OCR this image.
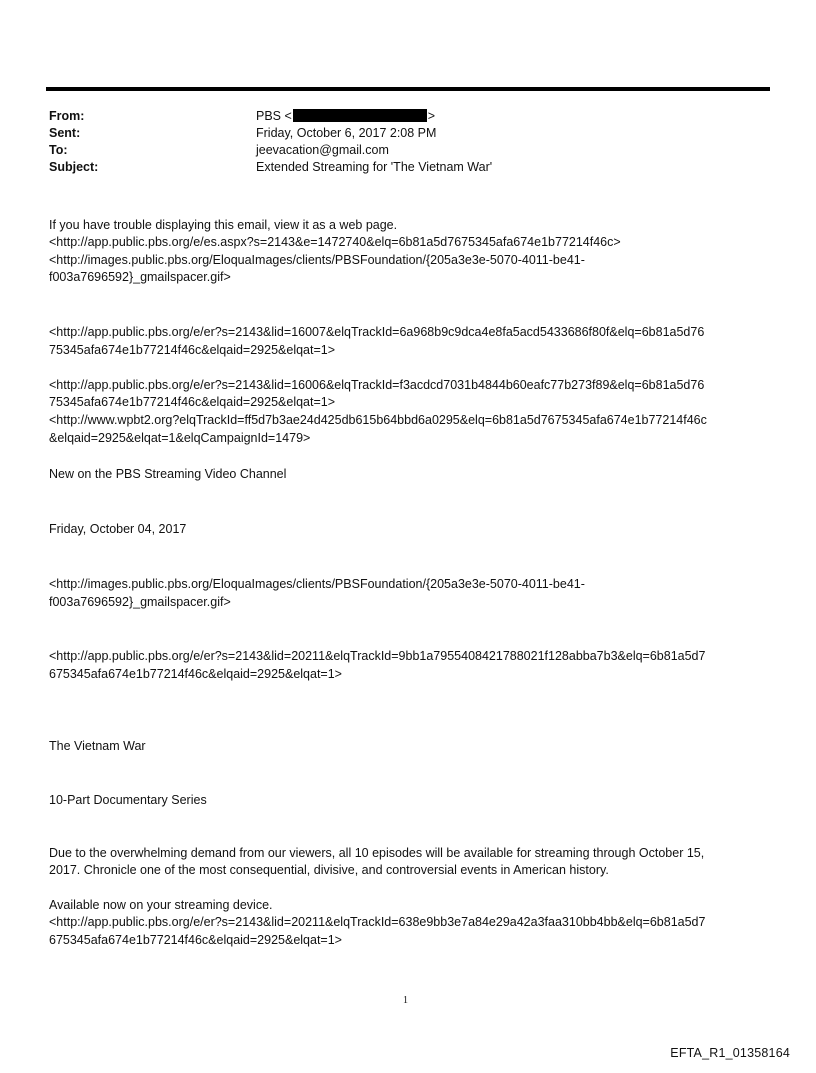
From:	PBS <	>
Sent:	Friday, October 6, 2017 2:08 PM
To:	jeevacation@gmail.com
Subject:	Extended Streaming for 'The Vietnam War'
If you have trouble displaying this email, view it as a web page.
<http://app.public.pbs.org/e/es.aspx?s=2143&e=1472740&elq=6b81a5d7675345afa674e1b77214f46c>
<http://images.public.pbs.org/EloquaImages/clients/PBSFoundation/{205a3e3e-5070-4011-be41-
f003a7696592}_gmailspacer.gif>
<http://app.public.pbs.org/e/er?s=2143&lid=16007&elqTrackId=6a968b9c9dca4e8fa5acd5433686f80f&elq=6b81a5d76
75345afa674e1b77214f46c&elqaid=2925&elqat=1>
<http://app.public.pbs.org/e/er?s=2143&lid=16006&elqTrackId=f3acdcd7031b4844b60eafc77b273f89&elq=6b81a5d76
75345afa674e1b77214f46c&elqaid=2925&elqat=1>
<http://www.wpbt2.org?elqTrackId=ff5d7b3ae24d425db615b64bbd6a0295&elq=6b81a5d7675345afa674e1b77214f46c
&elqaid=2925&elqat=1&elqCampaignId=1479>
New on the PBS Streaming Video Channel
Friday, October 04, 2017
<http://images.public.pbs.org/EloquaImages/clients/PBSFoundation/{205a3e3e-5070-4011-be41-
f003a7696592}_gmailspacer.gif>
<http://app.public.pbs.org/e/er?s=2143&lid=20211&elqTrackId=9bb1a7955408421788021f128abba7b3&elq=6b81a5d7
675345afa674e1b77214f46c&elqaid=2925&elqat=1>
The Vietnam War
10-Part Documentary Series
Due to the overwhelming demand from our viewers, all 10 episodes will be available for streaming through October 15,
2017. Chronicle one of the most consequential, divisive, and controversial events in American history.
Available now on your streaming device.
<http://app.public.pbs.org/e/er?s=2143&lid=20211&elqTrackId=638e9bb3e7a84e29a42a3faa310bb4bb&elq=6b81a5d7
675345afa674e1b77214f46c&elqaid=2925&elqat=1>
1
EFTA_R1_01358164
